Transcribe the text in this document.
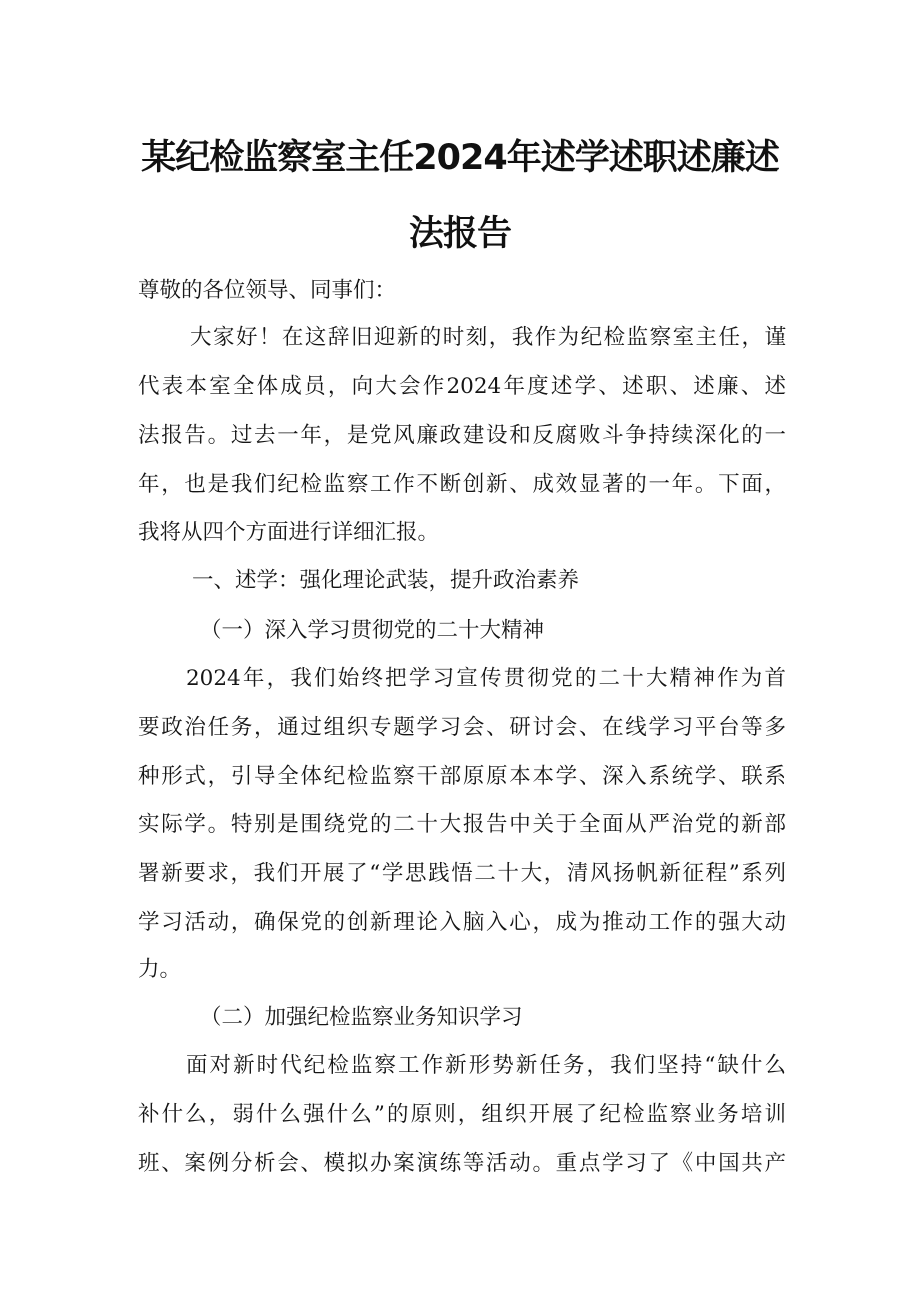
某纪检监察室主任2024年述学述职述廉述
法报告
尊敬的各位领导、同事们：
大家好！在这辞旧迎新的时刻，我作为纪检监察室主任，谨
代表本室全体成员，向大会作2024年度述学、述职、述廉、述
法报告。过去一年，是党风廉政建设和反腐败斗争持续深化的一
年，也是我们纪检监察工作不断创新、成效显著的一年。下面，
我将从四个方面进行详细汇报。
一、述学：强化理论武装，提升政治素养
（一）深入学习贯彻党的二十大精神
2024年，我们始终把学习宣传贯彻党的二十大精神作为首
要政治任务，通过组织专题学习会、研讨会、在线学习平台等多
种形式，引导全体纪检监察干部原原本本学、深入系统学、联系
实际学。特别是围绕党的二十大报告中关于全面从严治党的新部
署新要求，我们开展了“学思践悟二十大，清风扬帆新征程”系列
学习活动，确保党的创新理论入脑入心，成为推动工作的强大动
力。
（二）加强纪检监察业务知识学习
面对新时代纪检监察工作新形势新任务，我们坚持“缺什么
补什么，弱什么强什么”的原则，组织开展了纪检监察业务培训
班、案例分析会、模拟办案演练等活动。重点学习了《中国共产
